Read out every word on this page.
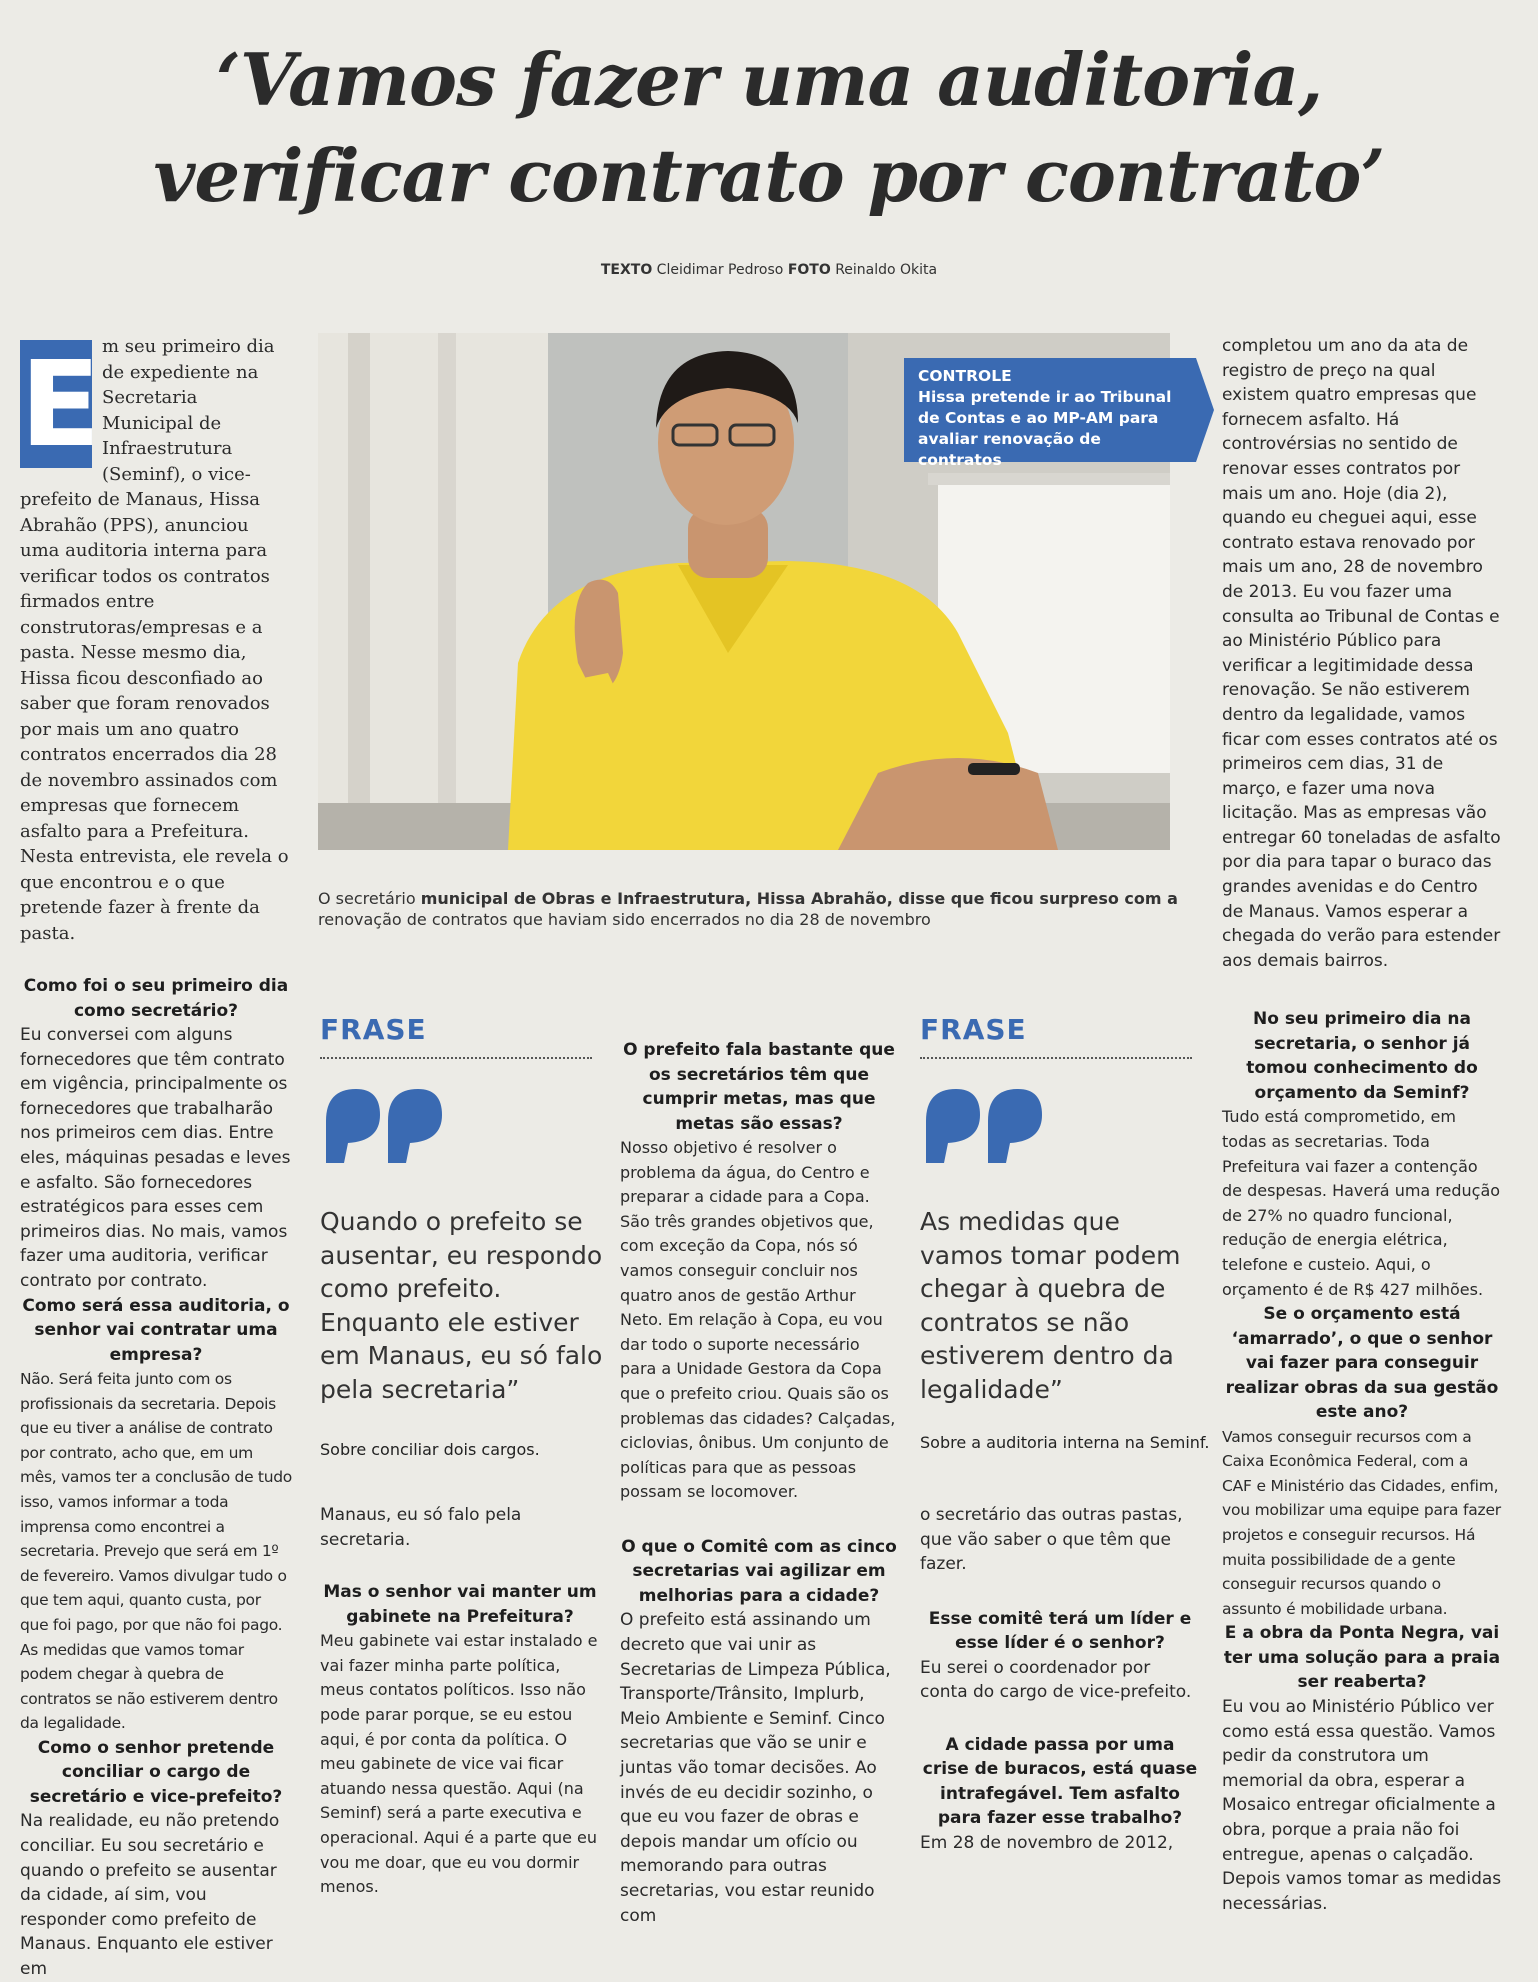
‘Vamos fazer uma auditoria,
verificar contrato por contrato’
TEXTO Cleidimar Pedroso FOTO Reinaldo Okita
E m seu primeiro dia de expediente na Secretaria Municipal de Infraestrutura (Seminf), o vice-prefeito de Manaus, Hissa Abrahão (PPS), anunciou uma auditoria interna para verificar todos os contratos firmados entre construtoras/empresas e a pasta. Nesse mesmo dia, Hissa ficou desconfiado ao saber que foram renovados por mais um ano quatro contratos encerrados dia 28 de novembro assinados com empresas que fornecem asfalto para a Prefeitura. Nesta entrevista, ele revela o que encontrou e o que pretende fazer à frente da pasta.

Como foi o seu primeiro dia como secretário?

Eu conversei com alguns fornecedores que têm contrato em vigência, principalmente os fornecedores que trabalharão nos primeiros cem dias. Entre eles, máquinas pesadas e leves e asfalto. São fornecedores estratégicos para esses cem primeiros dias. No mais, vamos fazer uma auditoria, verificar contrato por contrato.

Como será essa auditoria, o senhor vai contratar uma empresa?

Não. Será feita junto com os profissionais da secretaria. Depois que eu tiver a análise de contrato por contrato, acho que, em um mês, vamos ter a conclusão de tudo isso, vamos informar a toda imprensa como encontrei a secretaria. Prevejo que será em 1º de fevereiro. Vamos divulgar tudo o que tem aqui, quanto custa, por que foi pago, por que não foi pago. As medidas que vamos tomar podem chegar à quebra de contratos se não estiverem dentro da legalidade.

Como o senhor pretende conciliar o cargo de secretário e vice-prefeito?

Na realidade, eu não pretendo conciliar. Eu sou secretário e quando o prefeito se ausentar da cidade, aí sim, vou responder como prefeito de Manaus. Enquanto ele estiver em

CONTROLE
Hissa pretende ir ao Tribunal de Contas e ao MP-AM para avaliar renovação de contratos
O secretário municipal de Obras e Infraestrutura, Hissa Abrahão, disse que ficou surpreso com a
renovação de contratos que haviam sido encerrados no dia 28 de novembro
FRASE
Quando o prefeito se ausentar, eu respondo como prefeito. Enquanto ele estiver em Manaus, eu só falo pela secretaria”
Sobre conciliar dois cargos.

Manaus, eu só falo pela secretaria.

Mas o senhor vai manter um gabinete na Prefeitura?

Meu gabinete vai estar instalado e vai fazer minha parte política, meus contatos políticos. Isso não pode parar porque, se eu estou aqui, é por conta da política. O meu gabinete de vice vai ficar atuando nessa questão. Aqui (na Seminf) será a parte executiva e operacional. Aqui é a parte que eu vou me doar, que eu vou dormir menos.

O prefeito fala bastante que os secretários têm que cumprir metas, mas que metas são essas?

Nosso objetivo é resolver o problema da água, do Centro e preparar a cidade para a Copa. São três grandes objetivos que, com exceção da Copa, nós só vamos conseguir concluir nos quatro anos de gestão Arthur Neto. Em relação à Copa, eu vou dar todo o suporte necessário para a Unidade Gestora da Copa que o prefeito criou. Quais são os problemas das cidades? Calçadas, ciclovias, ônibus. Um conjunto de políticas para que as pessoas possam se locomover.

O que o Comitê com as cinco secretarias vai agilizar em melhorias para a cidade?

O prefeito está assinando um decreto que vai unir as Secretarias de Limpeza Pública, Transporte/Trânsito, Implurb, Meio Ambiente e Seminf. Cinco secretarias que vão se unir e juntas vão tomar decisões. Ao invés de eu decidir sozinho, o que eu vou fazer de obras e depois mandar um ofício ou memorando para outras secretarias, vou estar reunido com

FRASE
As medidas que vamos tomar podem chegar à quebra de contratos se não estiverem dentro da legalidade”
Sobre a auditoria interna na Seminf.

o secretário das outras pastas, que vão saber o que têm que fazer.

Esse comitê terá um líder e esse líder é o senhor?

Eu serei o coordenador por conta do cargo de vice-prefeito.

A cidade passa por uma crise de buracos, está quase intrafegável. Tem asfalto para fazer esse trabalho?

Em 28 de novembro de 2012,

completou um ano da ata de registro de preço na qual existem quatro empresas que fornecem asfalto. Há controvérsias no sentido de renovar esses contratos por mais um ano. Hoje (dia 2), quando eu cheguei aqui, esse contrato estava renovado por mais um ano, 28 de novembro de 2013. Eu vou fazer uma consulta ao Tribunal de Contas e ao Ministério Público para verificar a legitimidade dessa renovação. Se não estiverem dentro da legalidade, vamos ficar com esses contratos até os primeiros cem dias, 31 de março, e fazer uma nova licitação. Mas as empresas vão entregar 60 toneladas de asfalto por dia para tapar o buraco das grandes avenidas e do Centro de Manaus. Vamos esperar a chegada do verão para estender aos demais bairros.

No seu primeiro dia na secretaria, o senhor já tomou conhecimento do orçamento da Seminf?

Tudo está comprometido, em todas as secretarias. Toda Prefeitura vai fazer a contenção de despesas. Haverá uma redução de 27% no quadro funcional, redução de energia elétrica, telefone e custeio. Aqui, o orçamento é de R$ 427 milhões.

Se o orçamento está ‘amarrado’, o que o senhor vai fazer para conseguir realizar obras da sua gestão este ano?

Vamos conseguir recursos com a Caixa Econômica Federal, com a CAF e Ministério das Cidades, enfim, vou mobilizar uma equipe para fazer projetos e conseguir recursos. Há muita possibilidade de a gente conseguir recursos quando o assunto é mobilidade urbana.

E a obra da Ponta Negra, vai ter uma solução para a praia ser reaberta?

Eu vou ao Ministério Público ver como está essa questão. Vamos pedir da construtora um memorial da obra, esperar a Mosaico entregar oficialmente a obra, porque a praia não foi entregue, apenas o calçadão. Depois vamos tomar as medidas necessárias.
